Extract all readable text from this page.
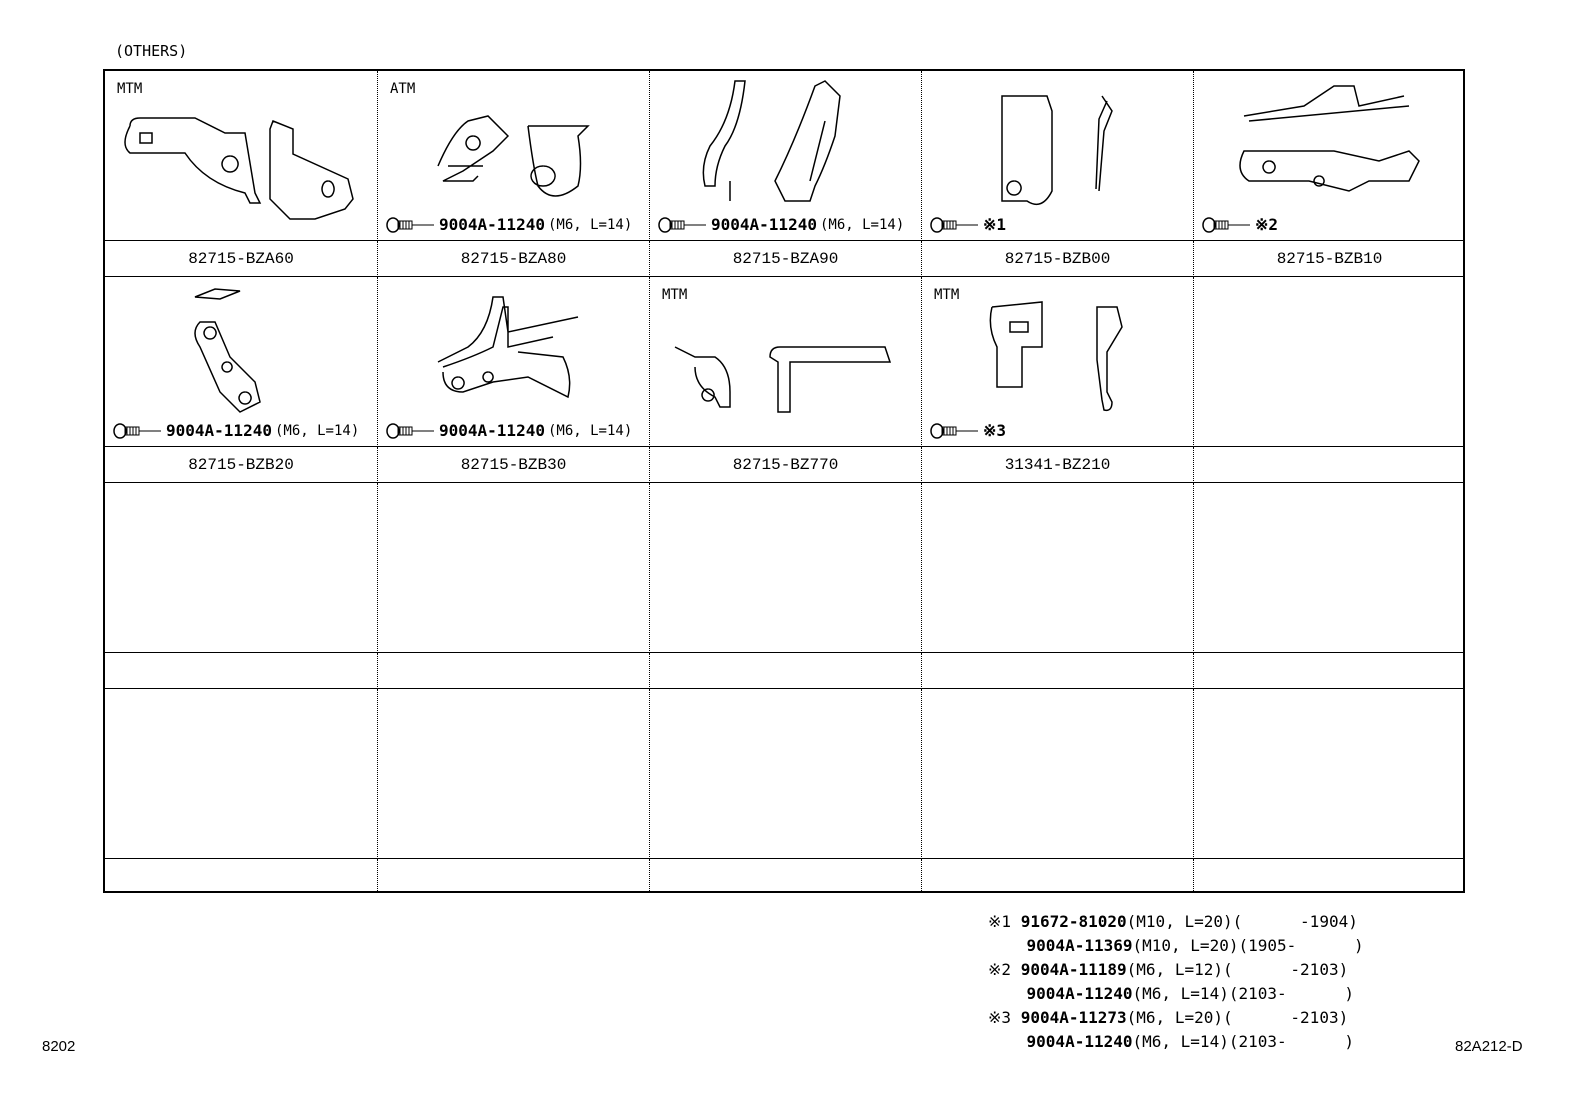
(OTHERS)
MTM
82715-BZA60
ATM
9004A-11240 (M6, L=14)
82715-BZA80
9004A-11240 (M6, L=14)
82715-BZA90
※1
82715-BZB00
※2
82715-BZB10
9004A-11240 (M6, L=14)
82715-BZB20
9004A-11240 (M6, L=14)
82715-BZB30
MTM
82715-BZ770
MTM
※3
31341-BZ210
※1 91672-81020(M10, L=20)(      -1904)
9004A-11369(M10, L=20)(1905-      )
※2 9004A-11189(M6, L=12)(      -2103)
9004A-11240(M6, L=14)(2103-      )
※3 9004A-11273(M6, L=20)(      -2103)
9004A-11240(M6, L=14)(2103-      )
8202	82A212-D
